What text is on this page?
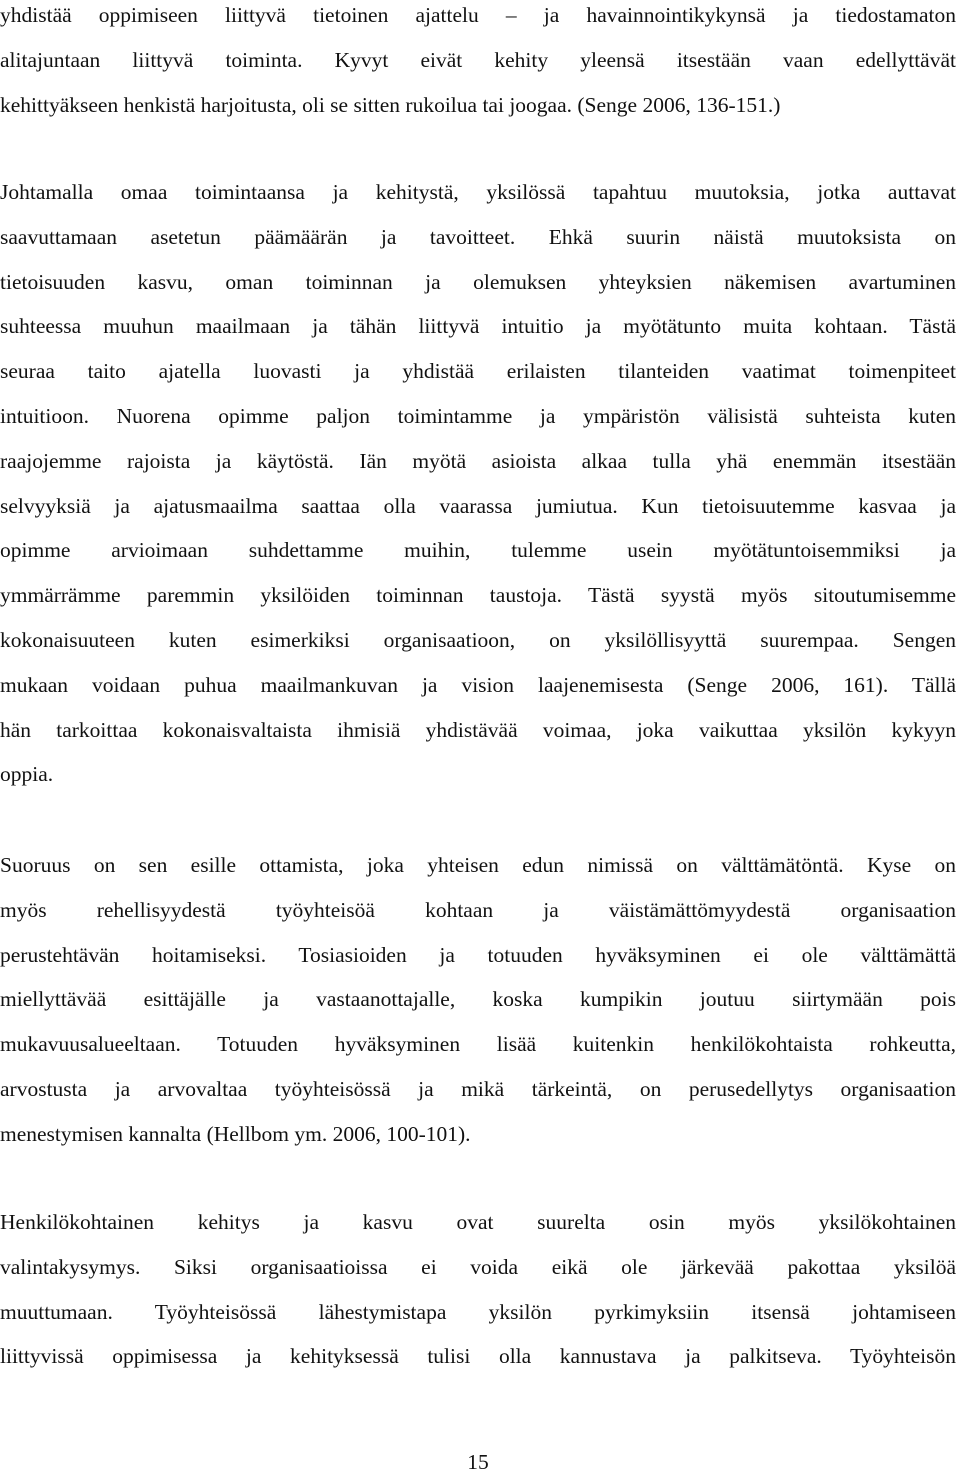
yhdistää oppimiseen liittyvä tietoinen ajattelu – ja havainnointikykynsä ja tiedostamaton
alitajuntaan liittyvä toiminta. Kyvyt eivät kehity yleensä itsestään vaan edellyttävät
kehittyäkseen henkistä harjoitusta, oli se sitten rukoilua tai joogaa. (Senge 2006, 136-151.)
Johtamalla omaa toimintaansa ja kehitystä, yksilössä tapahtuu muutoksia, jotka auttavat
saavuttamaan asetetun päämäärän ja tavoitteet. Ehkä suurin näistä muutoksista on
tietoisuuden kasvu, oman toiminnan ja olemuksen yhteyksien näkemisen avartuminen
suhteessa muuhun maailmaan ja tähän liittyvä intuitio ja myötätunto muita kohtaan. Tästä
seuraa taito ajatella luovasti ja yhdistää erilaisten tilanteiden vaatimat toimenpiteet
intuitioon. Nuorena opimme paljon toimintamme ja ympäristön välisistä suhteista kuten
raajojemme rajoista ja käytöstä. Iän myötä asioista alkaa tulla yhä enemmän itsestään
selvyyksiä ja ajatusmaailma saattaa olla vaarassa jumiutua. Kun tietoisuutemme kasvaa ja
opimme arvioimaan suhdettamme muihin, tulemme usein myötätuntoisemmiksi ja
ymmärrämme paremmin yksilöiden toiminnan taustoja. Tästä syystä myös sitoutumisemme
kokonaisuuteen kuten esimerkiksi organisaatioon, on yksilöllisyyttä suurempaa. Sengen
mukaan voidaan puhua maailmankuvan ja vision laajenemisesta (Senge 2006, 161). Tällä
hän tarkoittaa kokonaisvaltaista ihmisiä yhdistävää voimaa, joka vaikuttaa yksilön kykyyn
oppia.
Suoruus on sen esille ottamista, joka yhteisen edun nimissä on välttämätöntä. Kyse on
myös rehellisyydestä työyhteisöä kohtaan ja väistämättömyydestä organisaation
perustehtävän hoitamiseksi. Tosiasioiden ja totuuden hyväksyminen ei ole välttämättä
miellyttävää esittäjälle ja vastaanottajalle, koska kumpikin joutuu siirtymään pois
mukavuusalueeltaan. Totuuden hyväksyminen lisää kuitenkin henkilökohtaista rohkeutta,
arvostusta ja arvovaltaa työyhteisössä ja mikä tärkeintä, on perusedellytys organisaation
menestymisen kannalta (Hellbom ym. 2006, 100-101).
Henkilökohtainen kehitys ja kasvu ovat suurelta osin myös yksilökohtainen
valintakysymys. Siksi organisaatioissa ei voida eikä ole järkevää pakottaa yksilöä
muuttumaan. Työyhteisössä lähestymistapa yksilön pyrkimyksiin itsensä johtamiseen
liittyvissä oppimisessa ja kehityksessä tulisi olla kannustava ja palkitseva. Työyhteisön
15
